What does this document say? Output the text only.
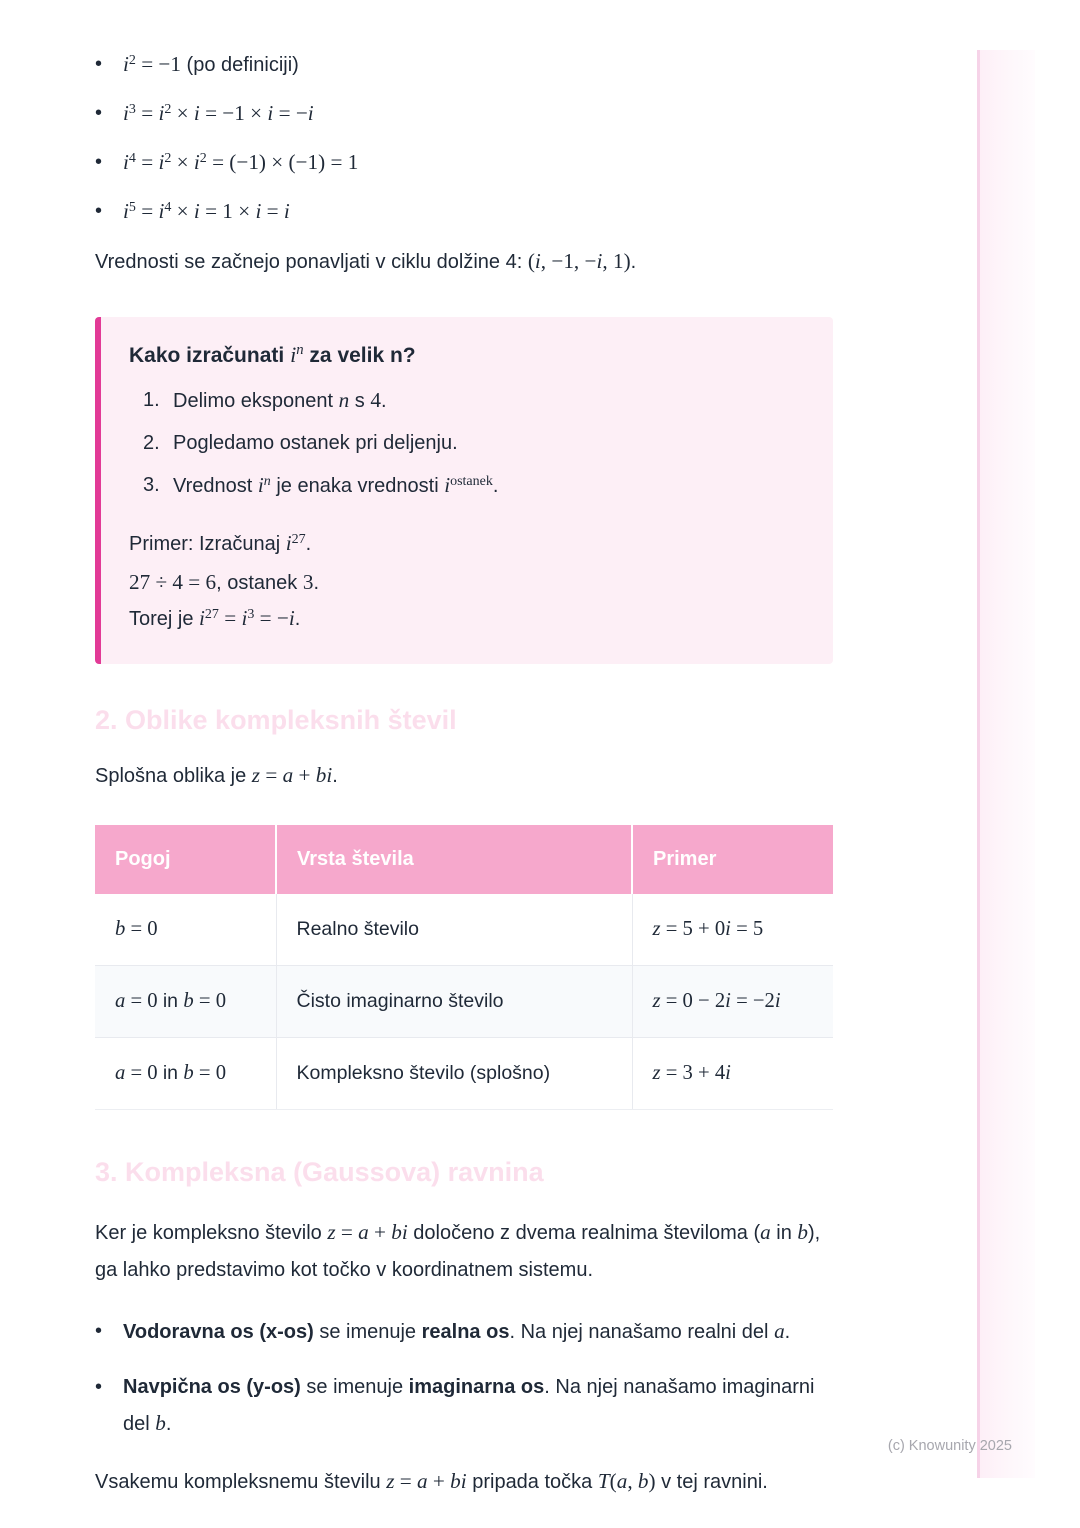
• $i^2 = -1$ (po definiciji)
• $i^3 = i^2 \times i = -1 \times i = -i$
• $i^4 = i^2 \times i^2 = (-1) \times (-1) = 1$
• $i^5 = i^4 \times i = 1 \times i = i$

Vrednosti se začnejo ponavljati v ciklu dolžine 4: (i, −1, −i, 1).

Kako izračunati $i^n$ za velik n?
1. Delimo eksponent n s 4.
2. Pogledamo ostanek pri deljenju.
3. Vrednost $i^n$ je enaka vrednosti $i^{ostanek}$.
Primer: Izračunaj $i^{27}$.
27 ÷ 4 = 6, ostanek 3.
Torej je $i^{27} = i^3 = -i$.
2. Oblike kompleksnih števil

Splošna oblika je z = a + bi.

Pogoj	Vrsta števila	Primer
b = 0	Realno število	z = 5 + 0i = 5
a = 0 in b = 0	Čisto imaginarno število	z = 0 − 2i = −2i
a = 0 in b = 0	Kompleksno število (splošno)	z = 3 + 4i
3. Kompleksna (Gaussova) ravnina

Ker je kompleksno število z = a + bi določeno z dvema realnima številoma (a in b), ga lahko predstavimo kot točko v koordinatnem sistemu.

•	Vodoravna os (x-os) se imenuje realna os. Na njej nanašamo realni del a.
•	Navpična os (y-os) se imenuje imaginarna os. Na njej nanašamo imaginarni del b.

Vsakemu kompleksnemu številu z = a + bi pripada točka T(a, b) v tej ravnini.

(c) Knowunity 2025
